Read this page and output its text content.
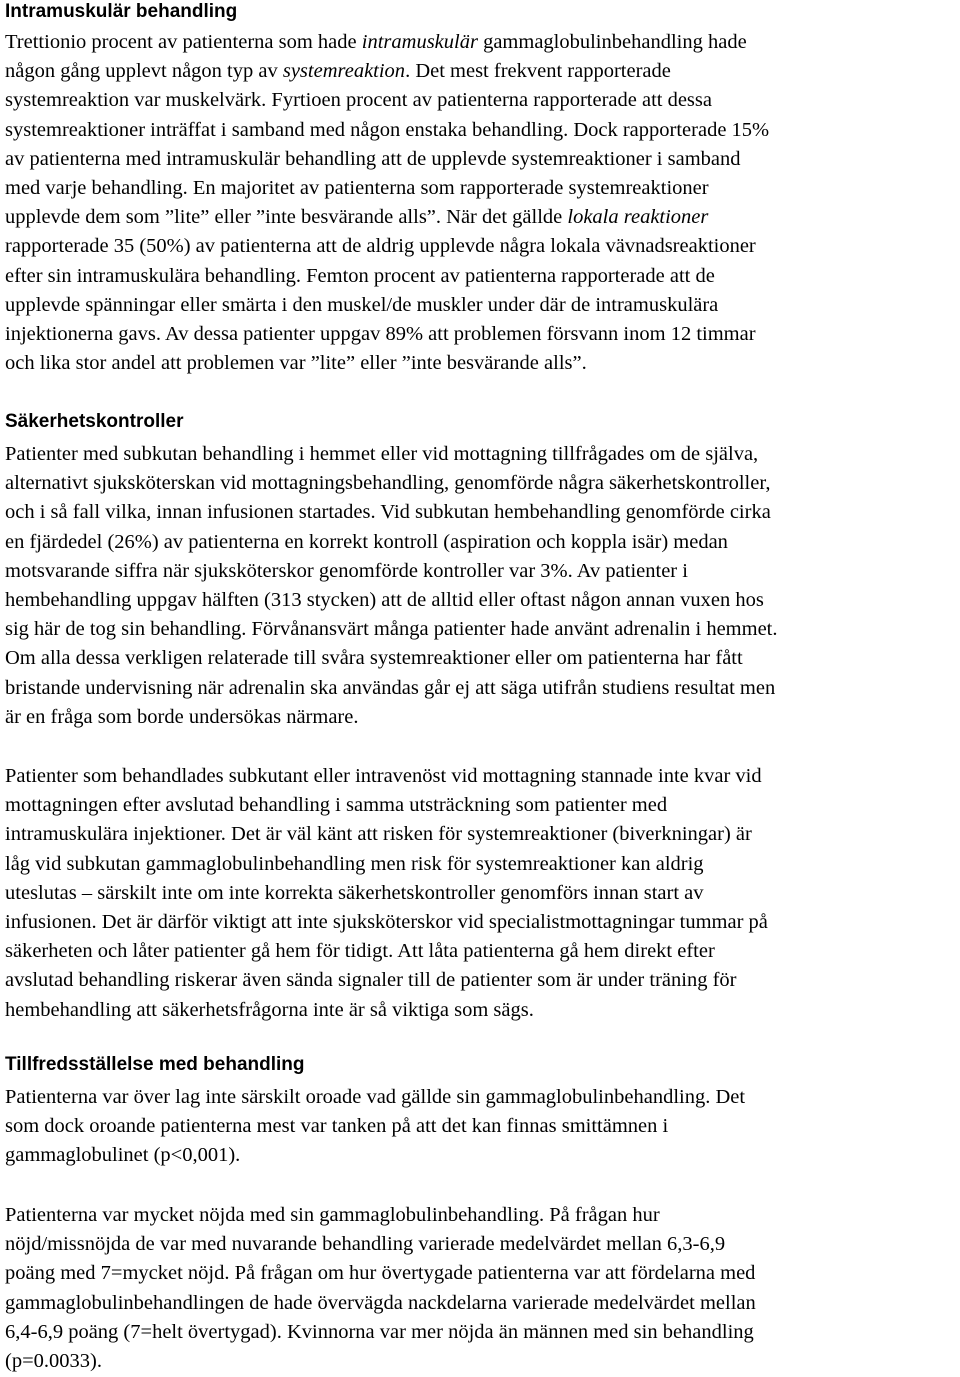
Intramuskulär behandling

Trettionio procent av patienterna som hade intramuskulär gammaglobulinbehandling hade
någon gång upplevt någon typ av systemreaktion. Det mest frekvent rapporterade
systemreaktion var muskelvärk. Fyrtioen procent av patienterna rapporterade att dessa
systemreaktioner inträffat i samband med någon enstaka behandling. Dock rapporterade 15%
av patienterna med intramuskulär behandling att de upplevde systemreaktioner i samband
med varje behandling. En majoritet av patienterna som rapporterade systemreaktioner
upplevde dem som ”lite” eller ”inte besvärande alls”. När det gällde lokala reaktioner
rapporterade 35 (50%) av patienterna att de aldrig upplevde några lokala vävnadsreaktioner
efter sin intramuskulära behandling. Femton procent av patienterna rapporterade att de
upplevde spänningar eller smärta i den muskel/de muskler under där de intramuskulära
injektionerna gavs. Av dessa patienter uppgav 89% att problemen försvann inom 12 timmar
och lika stor andel att problemen var ”lite” eller ”inte besvärande alls”.

Säkerhetskontroller

Patienter med subkutan behandling i hemmet eller vid mottagning tillfrågades om de själva,
alternativt sjuksköterskan vid mottagningsbehandling, genomförde några säkerhetskontroller,
och i så fall vilka, innan infusionen startades. Vid subkutan hembehandling genomförde cirka
en fjärdedel (26%) av patienterna en korrekt kontroll (aspiration och koppla isär) medan
motsvarande siffra när sjuksköterskor genomförde kontroller var 3%. Av patienter i
hembehandling uppgav hälften (313 stycken) att de alltid eller oftast någon annan vuxen hos
sig här de tog sin behandling. Förvånansvärt många patienter hade använt adrenalin i hemmet.
Om alla dessa verkligen relaterade till svåra systemreaktioner eller om patienterna har fått
bristande undervisning när adrenalin ska användas går ej att säga utifrån studiens resultat men
är en fråga som borde undersökas närmare.

Patienter som behandlades subkutant eller intravenöst vid mottagning stannade inte kvar vid
mottagningen efter avslutad behandling i samma utsträckning som patienter med
intramuskulära injektioner. Det är väl känt att risken för systemreaktioner (biverkningar) är
låg vid subkutan gammaglobulinbehandling men risk för systemreaktioner kan aldrig
uteslutas – särskilt inte om inte korrekta säkerhetskontroller genomförs innan start av
infusionen. Det är därför viktigt att inte sjuksköterskor vid specialistmottagningar tummar på
säkerheten och låter patienter gå hem för tidigt. Att låta patienterna gå hem direkt efter
avslutad behandling riskerar även sända signaler till de patienter som är under träning för
hembehandling att säkerhetsfrågorna inte är så viktiga som sägs.

Tillfredsställelse med behandling

Patienterna var över lag inte särskilt oroade vad gällde sin gammaglobulinbehandling. Det
som dock oroande patienterna mest var tanken på att det kan finnas smittämnen i
gammaglobulinet (p<0,001).

Patienterna var mycket nöjda med sin gammaglobulinbehandling. På frågan hur
nöjd/missnöjda de var med nuvarande behandling varierade medelvärdet mellan 6,3-6,9
poäng med 7=mycket nöjd. På frågan om hur övertygade patienterna var att fördelarna med
gammaglobulinbehandlingen de hade övervägda nackdelarna varierade medelvärdet mellan
6,4-6,9 poäng (7=helt övertygad). Kvinnorna var mer nöjda än männen med sin behandling
(p=0.0033).
